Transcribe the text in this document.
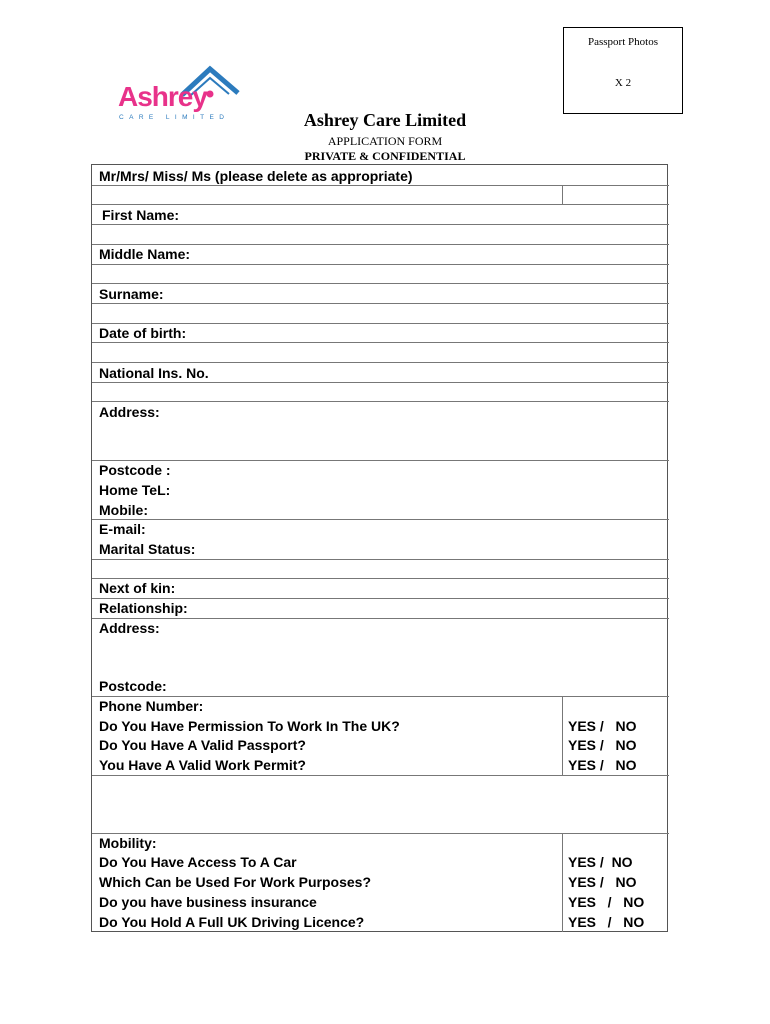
Passport Photos
X 2
Ashrey
CARE LIMITED	Ashrey Care Limited
APPLICATION FORM
PRIVATE & CONFIDENTIAL
Mr/Mrs/ Miss/ Ms (please delete as appropriate)
First Name:
Middle Name:
Surname:
Date of birth:
National Ins. No.
Address:
Postcode :
Home TeL:
Mobile:
E-mail:
Marital Status:
Next of kin:
Relationship:
Address:
Postcode:
Phone Number:
Do You Have Permission To Work In The UK?
Do You Have A Valid Passport?
You Have A Valid Work Permit?
Mobility:
Do You Have Access To A Car
Which Can be Used For Work Purposes?
Do you have business insurance
Do You Hold A Full UK Driving Licence?
YES /   NO
YES /   NO
YES /   NO
YES /  NO
YES /   NO
YES   /   NO
YES   /   NO
